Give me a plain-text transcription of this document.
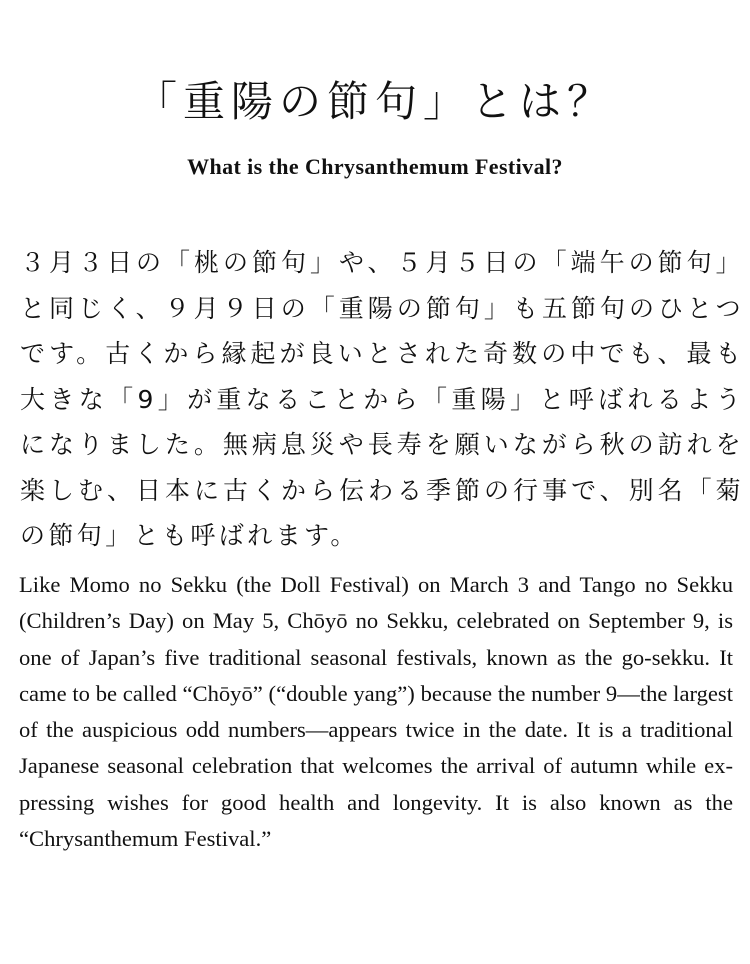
「重陽の節句」とは？
What is the Chrysanthemum Festival?

３月３日の「桃の節句」や、５月５日の「端午の節句」と同じく、９月９日の「重陽の節句」も五節句のひとつです。古くから縁起が良いとされた奇数の中でも、最も大きな「9」が重なることから「重陽」と呼ばれるようになりました。無病息災や長寿を願いながら秋の訪れを楽しむ、日本に古くから伝わる季節の行事で、別名「菊の節句」とも呼ばれます。

Like Momo no Sekku (the Doll Festival) on March 3 and Tango no Sekku (Children’s Day) on May 5, Chōyō no Sekku, celebrated on September 9, is one of Japan’s five traditional seasonal festivals, known as the go-sekku. It came to be called “Chōyō” (“double yang”) because the number 9—the largest of the auspicious odd numbers—appears twice in the date. It is a traditional Japanese seasonal celebration that welcomes the arrival of autumn while expressing wishes for good health and longevity. It is also known as the “Chrysanthemum Festival.”
